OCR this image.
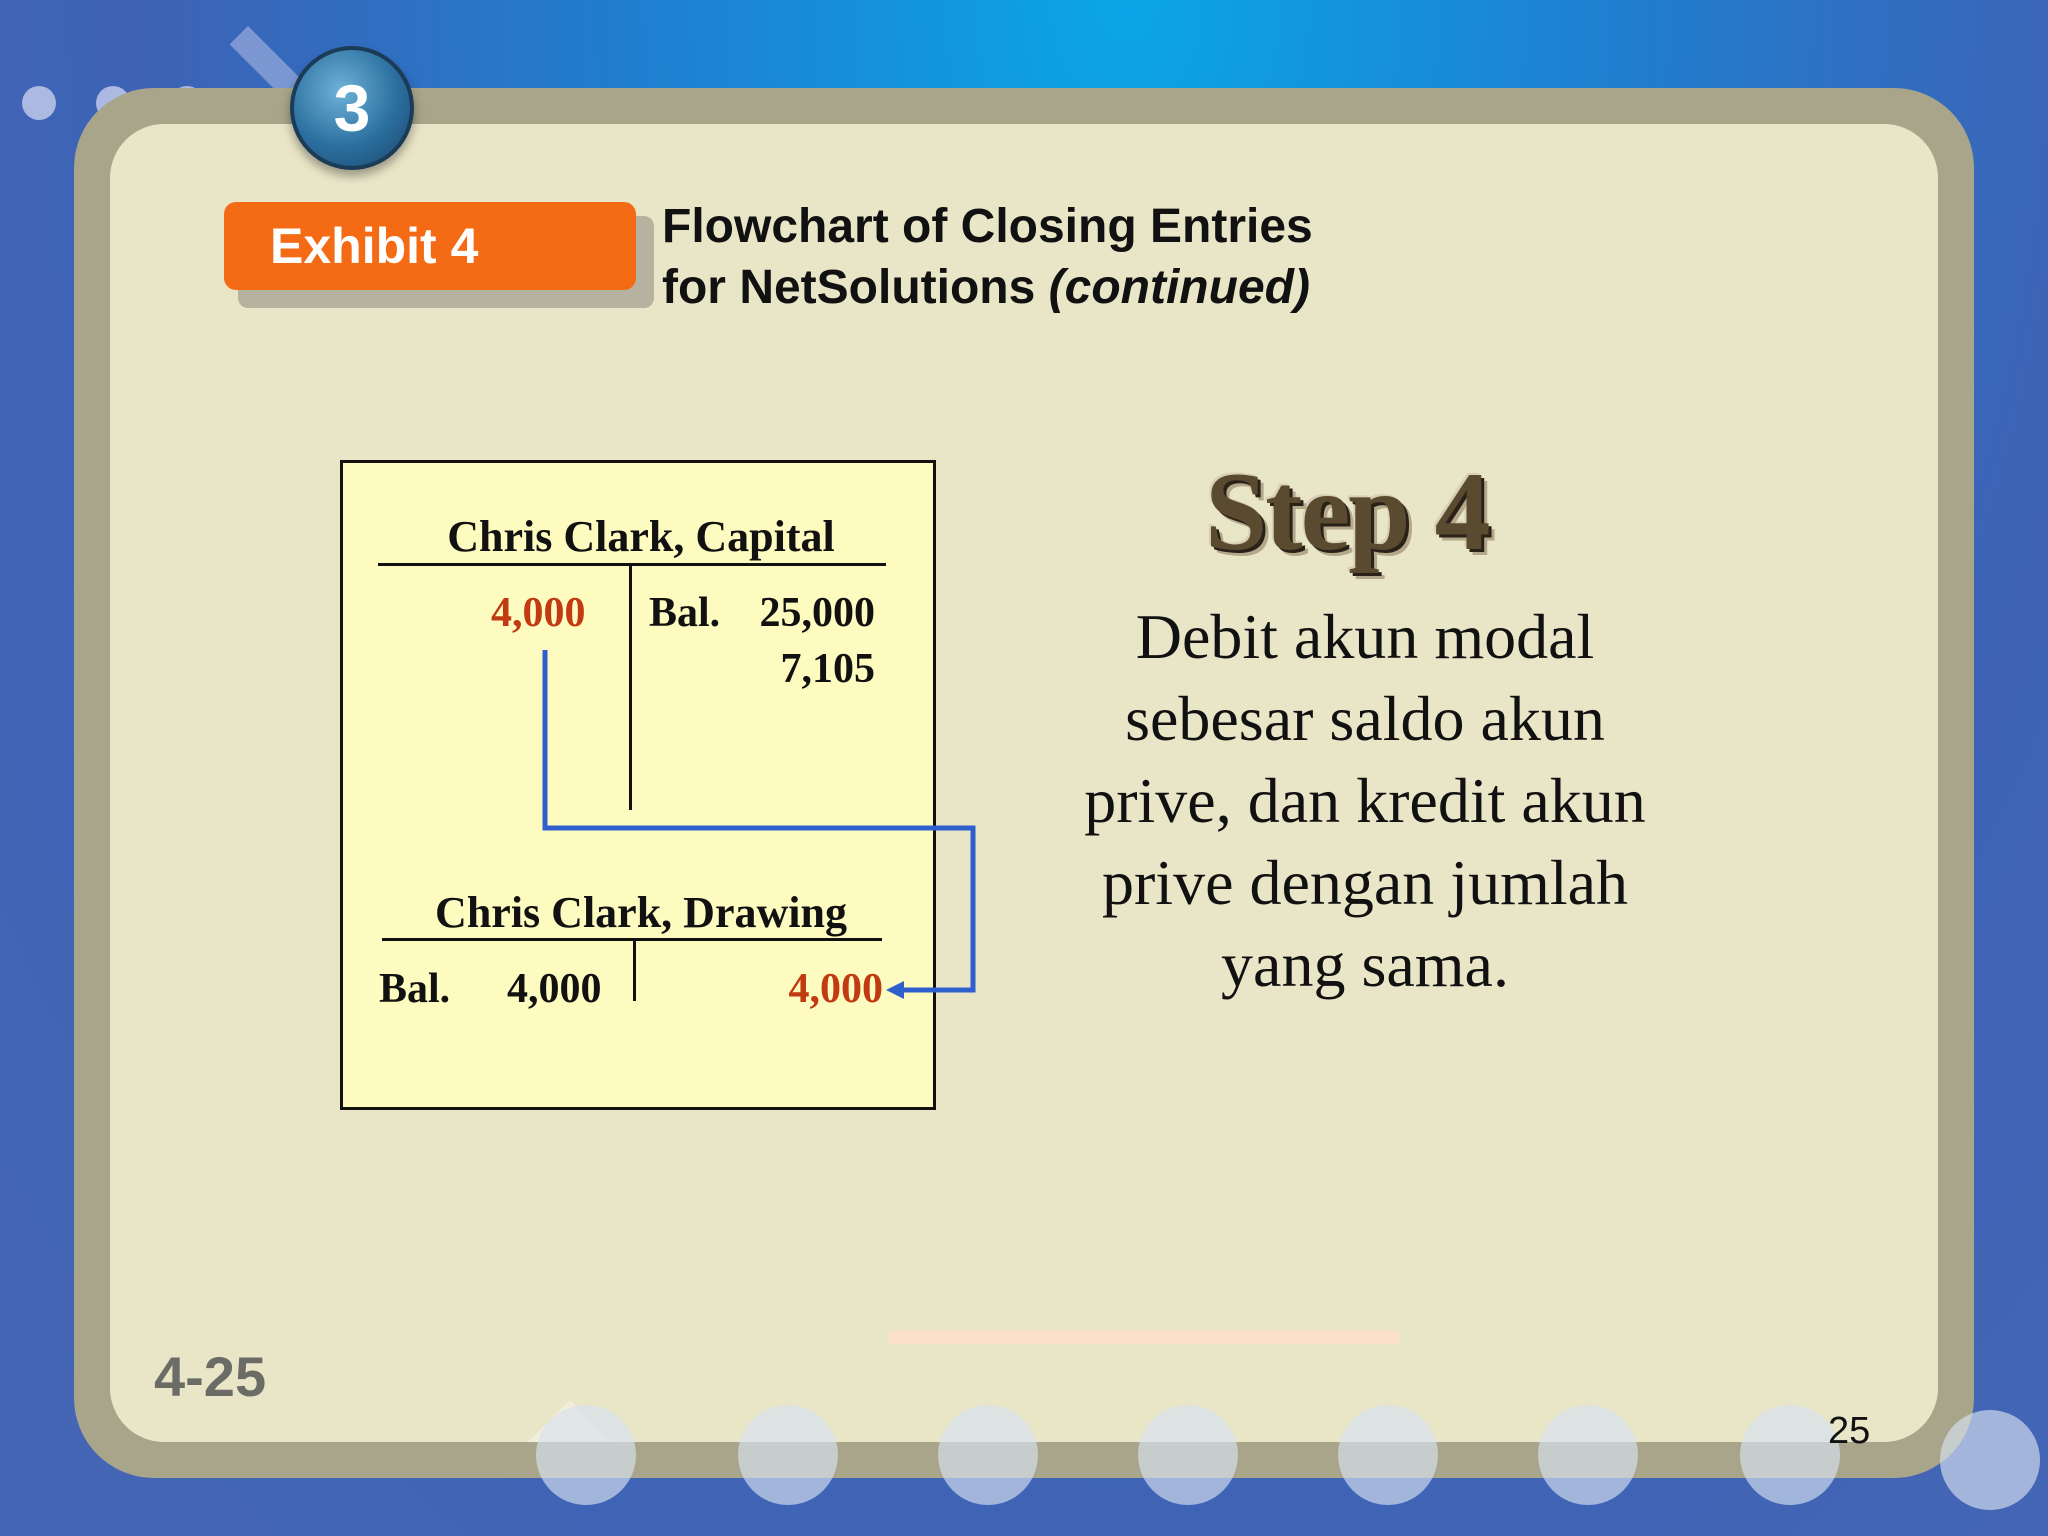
3
Exhibit 4	Flowchart of Closing Entries
for NetSolutions (continued)
Chris Clark, Capital
4,000 Bal. 25,000
7,105
Chris Clark, Drawing
Bal. 4,000	4,000
Step 4
Debit akun modal
sebesar saldo akun
prive, dan kredit akun
prive dengan jumlah
yang sama.
4-25
25
